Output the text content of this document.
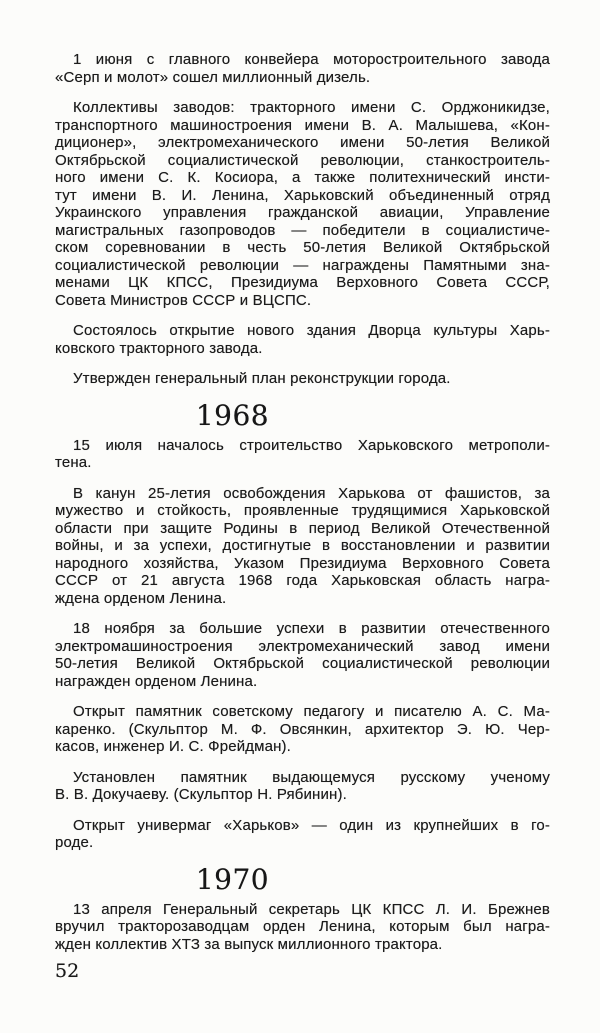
1 июня с главного конвейера моторостроительного завода
«Серп и молот» сошел миллионный дизель.
Коллективы заводов: тракторного имени С. Орджоникидзе,
транспортного машиностроения имени В. А. Малышева, «Кон-
диционер», электромеханического имени 50-летия Великой
Октябрьской социалистической революции, станкостроитель-
ного имени С. К. Косиора, а также политехнический инсти-
тут имени В. И. Ленина, Харьковский объединенный отряд
Украинского управления гражданской авиации, Управление
магистральных газопроводов — победители в социалистиче-
ском соревновании в честь 50-летия Великой Октябрьской
социалистической революции — награждены Памятными зна-
менами ЦК КПСС, Президиума Верховного Совета СССР,
Совета Министров СССР и ВЦСПС.
Состоялось открытие нового здания Дворца культуры Харь-
ковского тракторного завода.
Утвержден генеральный план реконструкции города.
1968
15 июля началось строительство Харьковского метрополи-
тена.
В канун 25-летия освобождения Харькова от фашистов, за
мужество и стойкость, проявленные трудящимися Харьковской
области при защите Родины в период Великой Отечественной
войны, и за успехи, достигнутые в восстановлении и развитии
народного хозяйства, Указом Президиума Верховного Совета
СССР от 21 августа 1968 года Харьковская область награ-
ждена орденом Ленина.
18 ноября за большие успехи в развитии отечественного
электромашиностроения электромеханический завод имени
50-летия Великой Октябрьской социалистической революции
награжден орденом Ленина.
Открыт памятник советскому педагогу и писателю А. С. Ма-
каренко. (Скульптор М. Ф. Овсянкин, архитектор Э. Ю. Чер-
касов, инженер И. С. Фрейдман).
Установлен памятник выдающемуся русскому ученому
В. В. Докучаеву. (Скульптор Н. Рябинин).
Открыт универмаг «Харьков» — один из крупнейших в го-
роде.
1970
13 апреля Генеральный секретарь ЦК КПСС Л. И. Брежнев
вручил тракторозаводцам орден Ленина, которым был награ-
жден коллектив ХТЗ за выпуск миллионного трактора.
52
